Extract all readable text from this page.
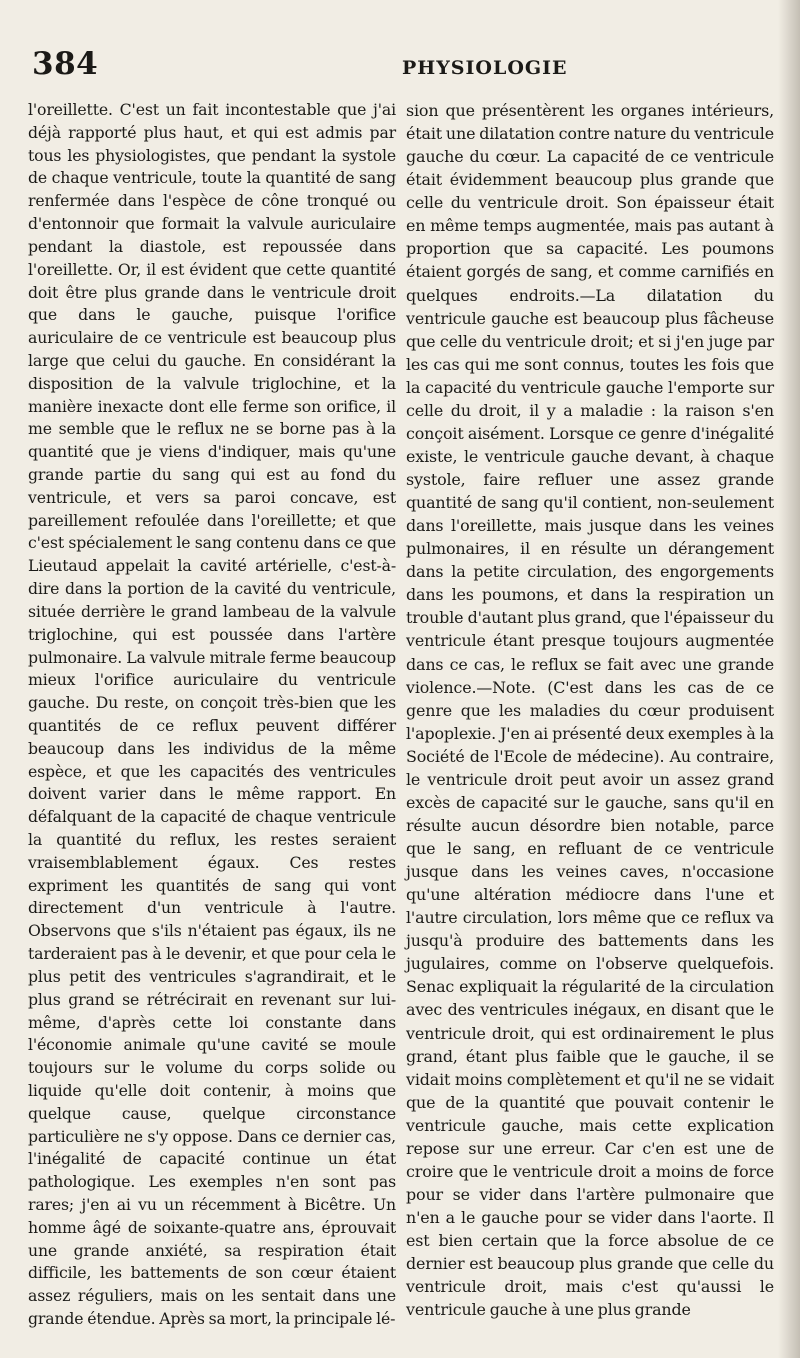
384	PHYSIOLOGIE

l'oreillette. C'est un fait incontestable que j'ai déjà rapporté plus haut, et qui est admis par tous les physiologistes, que pendant la systole de chaque ventricule, toute la quantité de sang renfermée dans l'espèce de cône tronqué ou d'entonnoir que formait la valvule auriculaire pendant la diastole, est repoussée dans l'oreillette. Or, il est évident que cette quantité doit être plus grande dans le ventricule droit que dans le gauche, puisque l'orifice auriculaire de ce ventricule est beaucoup plus large que celui du gauche. En considérant la disposition de la valvule triglochine, et la manière inexacte dont elle ferme son orifice, il me semble que le reflux ne se borne pas à la quantité que je viens d'indiquer, mais qu'une grande partie du sang qui est au fond du ventricule, et vers sa paroi concave, est pareillement refoulée dans l'oreillette; et que c'est spécialement le sang contenu dans ce que Lieutaud appelait la cavité artérielle, c'est-à-dire dans la portion de la cavité du ventricule, située derrière le grand lambeau de la valvule triglochine, qui est poussée dans l'artère pulmonaire. La valvule mitrale ferme beaucoup mieux l'orifice auriculaire du ventricule gauche. Du reste, on conçoit très-bien que les quantités de ce reflux peuvent différer beaucoup dans les individus de la même espèce, et que les capacités des ventricules doivent varier dans le même rapport. En défalquant de la capacité de chaque ventricule la quantité du reflux, les restes seraient vraisemblablement égaux. Ces restes expriment les quantités de sang qui vont directement d'un ventricule à l'autre. Observons que s'ils n'étaient pas égaux, ils ne tarderaient pas à le devenir, et que pour cela le plus petit des ventricules s'agrandirait, et le plus grand se rétrécirait en revenant sur lui-même, d'après cette loi constante dans l'économie animale qu'une cavité se moule toujours sur le volume du corps solide ou liquide qu'elle doit contenir, à moins que quelque cause, quelque circonstance particulière ne s'y oppose. Dans ce dernier cas, l'inégalité de capacité continue un état pathologique. Les exemples n'en sont pas rares; j'en ai vu un récemment à Bicêtre. Un homme âgé de soixante-quatre ans, éprouvait une grande anxiété, sa respiration était difficile, les battements de son cœur étaient assez réguliers, mais on les sentait dans une grande étendue. Après sa mort, la principale lé-

sion que présentèrent les organes intérieurs, était une dilatation contre nature du ventricule gauche du cœur. La capacité de ce ventricule était évidemment beaucoup plus grande que celle du ventricule droit. Son épaisseur était en même temps augmentée, mais pas autant à proportion que sa capacité. Les poumons étaient gorgés de sang, et comme carnifiés en quelques endroits.—La dilatation du ventricule gauche est beaucoup plus fâcheuse que celle du ventricule droit; et si j'en juge par les cas qui me sont connus, toutes les fois que la capacité du ventricule gauche l'emporte sur celle du droit, il y a maladie : la raison s'en conçoit aisément. Lorsque ce genre d'inégalité existe, le ventricule gauche devant, à chaque systole, faire refluer une assez grande quantité de sang qu'il contient, non-seulement dans l'oreillette, mais jusque dans les veines pulmonaires, il en résulte un dérangement dans la petite circulation, des engorgements dans les poumons, et dans la respiration un trouble d'autant plus grand, que l'épaisseur du ventricule étant presque toujours augmentée dans ce cas, le reflux se fait avec une grande violence.—Note. (C'est dans les cas de ce genre que les maladies du cœur produisent l'apoplexie. J'en ai présenté deux exemples à la Société de l'Ecole de médecine). Au contraire, le ventricule droit peut avoir un assez grand excès de capacité sur le gauche, sans qu'il en résulte aucun désordre bien notable, parce que le sang, en refluant de ce ventricule jusque dans les veines caves, n'occasione qu'une altération médiocre dans l'une et l'autre circulation, lors même que ce reflux va jusqu'à produire des battements dans les jugulaires, comme on l'observe quelquefois. Senac expliquait la régularité de la circulation avec des ventricules inégaux, en disant que le ventricule droit, qui est ordinairement le plus grand, étant plus faible que le gauche, il se vidait moins complètement et qu'il ne se vidait que de la quantité que pouvait contenir le ventricule gauche, mais cette explication repose sur une erreur. Car c'en est une de croire que le ventricule droit a moins de force pour se vider dans l'artère pulmonaire que n'en a le gauche pour se vider dans l'aorte. Il est bien certain que la force absolue de ce dernier est beaucoup plus grande que celle du ventricule droit, mais c'est qu'aussi le ventricule gauche à une plus grande
